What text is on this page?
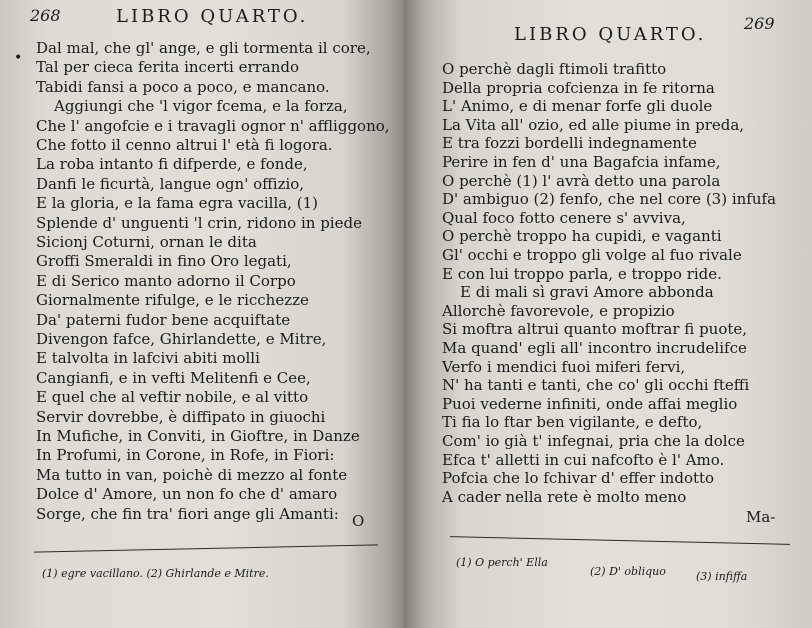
268	LIBRO QUARTO.
•
Dal mal, che gl' ange, e gli tormenta il core,
Tal per cieca ferita incerti errando
Tabidi fansi a poco a poco, e mancano.
Aggiungi che 'l vigor fcema, e la forza,
Che l' angofcie e i travagli ognor n' affliggono,
Che fotto il cenno altrui l' età fi logora.
La roba intanto fi difperde, e fonde,
Danfi le ficurtà, langue ogn' offizio,
E la gloria, e la fama egra vacilla, (1)
Splende d' unguenti 'l crin, ridono in piede
Sicionj Coturni, ornan le dita
Groffi Smeraldi in fino Oro legati,
E di Serico manto adorno il Corpo
Giornalmente rifulge, e le ricchezze
Da' paterni fudor bene acquiftate
Divengon fafce, Ghirlandette, e Mitre,
E talvolta in lafcivi abiti molli
Cangianfi, e in vefti Melitenfi e Cee,
E quel che al veftir nobile, e al vitto
Servir dovrebbe, è diffipato in giuochi
In Mufiche, in Conviti, in Gioftre, in Danze
In Profumi, in Corone, in Rofe, in Fiori:
Ma tutto in van, poichè di mezzo al fonte
Dolce d' Amore, un non fo che d' amaro
Sorge, che fin tra' fiori ange gli Amanti: O
(1) egre vacillano. (2) Ghirlande e Mitre.
LIBRO QUARTO.
269
O perchè dagli ftimoli trafitto
Della propria cofcienza in fe ritorna
L' Animo, e di menar forfe gli duole
La Vita all' ozio, ed alle piume in preda,
E tra fozzi bordelli indegnamente
Perire in fen d' una Bagafcia infame,
O perchè (1) l' avrà detto una parola
D' ambiguo (2) fenfo, che nel core (3) infufa
Qual foco fotto cenere s' avviva,
O perchè troppo ha cupidi, e vaganti
Gl' occhi e troppo gli volge al fuo rivale
E con lui troppo parla, e troppo ride.
E di mali sì gravi Amore abbonda
Allorchè favorevole, e propizio
Si moftra altrui quanto moftrar fi puote,
Ma quand' egli all' incontro incrudelifce
Verfo i mendici fuoi miferi fervi,
N' ha tanti e tanti, che co' gli occhi fteffi
Puoi vederne infiniti, onde affai meglio
Ti fia lo ftar ben vigilante, e defto,
Com' io già t' infegnai, pria che la dolce
Efca t' alletti in cui nafcofto è l' Amo.
Pofcia che lo fchivar d' effer indotto
A cader nella rete è molto meno
Ma-
(1) O perch' Ella
(2) D' obliquo	(3) infiffa
